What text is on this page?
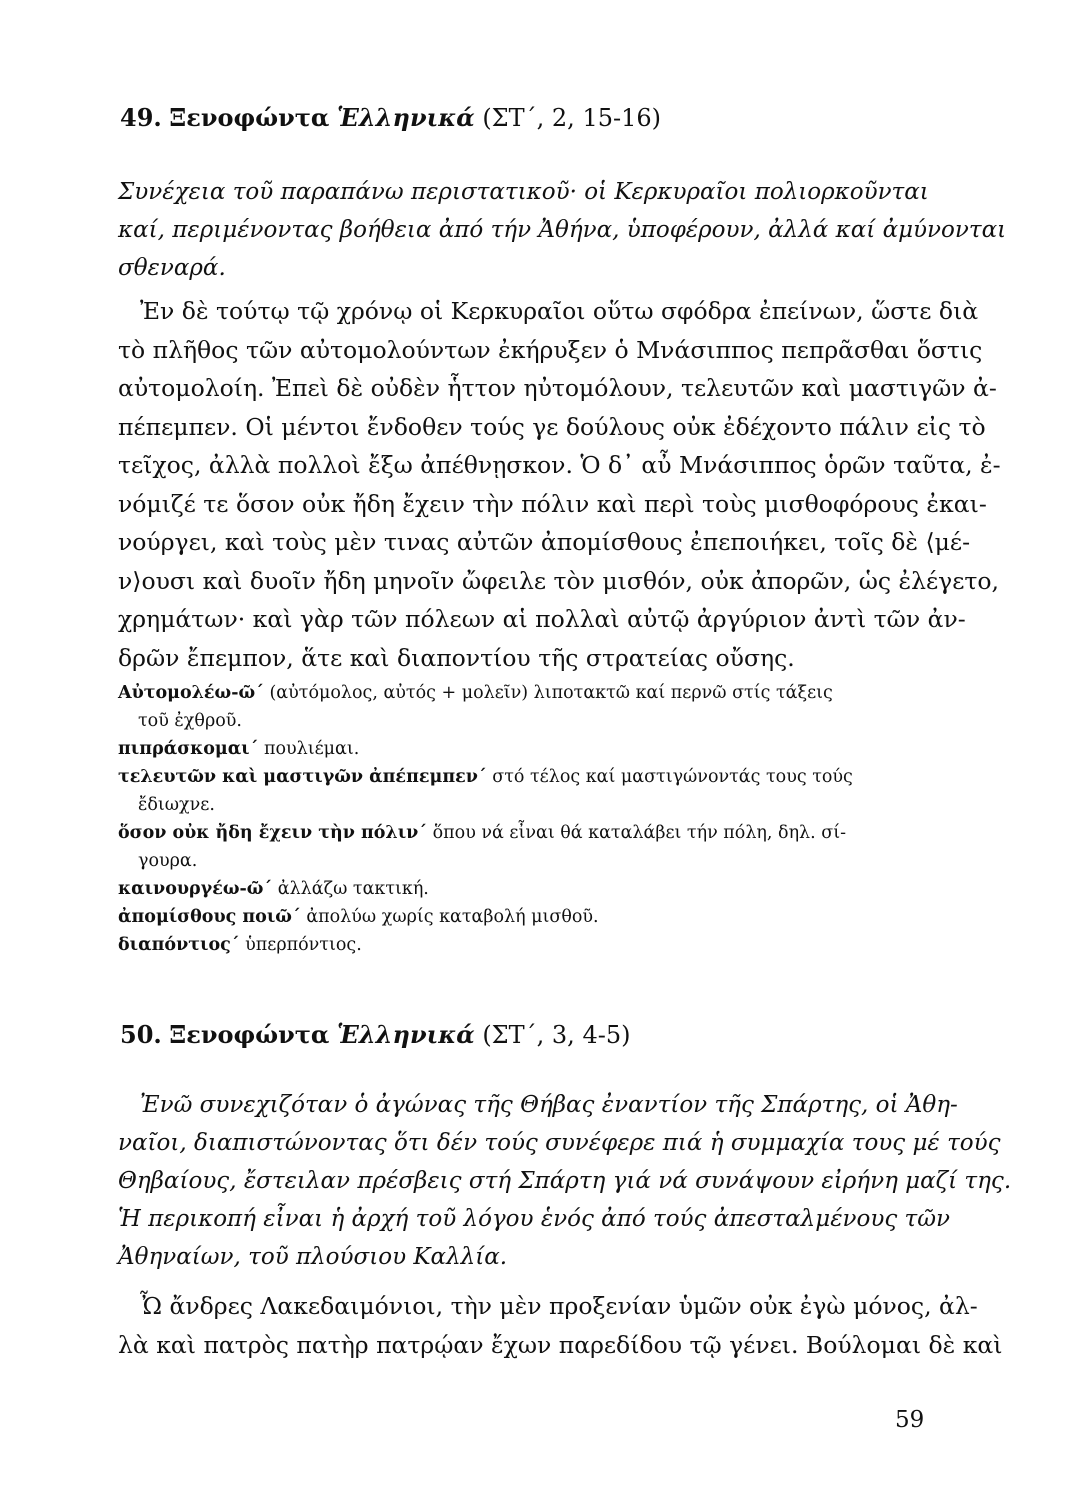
49. Ξενοφώντα Ἑλληνικά (ΣΤ΄, 2, 15-16)

Συνέχεια τοῦ παραπάνω περιστατικοῦ· οἱ Κερκυραῖοι πολιορκοῦνται
καί, περιμένοντας βοήθεια ἀπό τήν Ἀθήνα, ὑποφέρουν, ἀλλά καί ἀμύνονται
σθεναρά.

Ἐν δὲ τούτῳ τῷ χρόνῳ οἱ Κερκυραῖοι οὕτω σφόδρα ἐπείνων, ὥστε διὰ
τὸ πλῆθος τῶν αὐτομολούντων ἐκήρυξεν ὁ Μνάσιππος πεπρᾶσθαι ὅστις
αὐτομολοίη. Ἐπεὶ δὲ οὐδὲν ἧττον ηὐτομόλουν, τελευτῶν καὶ μαστιγῶν ἀ-
πέπεμπεν. Οἱ μέντοι ἔνδοθεν τούς γε δούλους οὐκ ἐδέχοντο πάλιν εἰς τὸ
τεῖχος, ἀλλὰ πολλοὶ ἔξω ἀπέθνῃσκον. Ὁ δ᾽ αὖ Μνάσιππος ὁρῶν ταῦτα, ἐ-
νόμιζέ τε ὅσον οὐκ ἤδη ἔχειν τὴν πόλιν καὶ περὶ τοὺς μισθοφόρους ἐκαι-
νούργει, καὶ τοὺς μὲν τινας αὐτῶν ἀπομίσθους ἐπεποιήκει, τοῖς δὲ ⟨μέ-
ν⟩ουσι καὶ δυοῖν ἤδη μηνοῖν ὤφειλε τὸν μισθόν, οὐκ ἀπορῶν, ὡς ἐλέγετο,
χρημάτων· καὶ γὰρ τῶν πόλεων αἱ πολλαὶ αὐτῷ ἀργύριον ἀντὶ τῶν ἀν-
δρῶν ἔπεμπον, ἅτε καὶ διαποντίου τῆς στρατείας οὔσης.

Αὐτομολέω-ῶ΄ (αὐτόμολος, αὐτός + μολεῖν) λιποτακτῶ καί περνῶ στίς τάξεις
τοῦ ἐχθροῦ.
πιπράσκομαι΄ πουλιέμαι.
τελευτῶν καὶ μαστιγῶν ἀπέπεμπεν΄ στό τέλος καί μαστιγώνοντάς τους τούς
ἔδιωχνε.
ὅσον οὐκ ἤδη ἔχειν τὴν πόλιν΄ ὅπου νά εἶναι θά καταλάβει τήν πόλη, δηλ. σί-
γουρα.
καινουργέω-ῶ΄ ἀλλάζω τακτική.
ἀπομίσθους ποιῶ΄ ἀπολύω χωρίς καταβολή μισθοῦ.
διαπόντιος΄ ὑπερπόντιος.
50. Ξενοφώντα Ἑλληνικά (ΣΤ΄, 3, 4-5)

Ἐνῶ συνεχιζόταν ὁ ἀγώνας τῆς Θήβας ἐναντίον τῆς Σπάρτης, οἱ Ἀθη-
ναῖοι, διαπιστώνοντας ὅτι δέν τούς συνέφερε πιά ἡ συμμαχία τους μέ τούς
Θηβαίους, ἔστειλαν πρέσβεις στή Σπάρτη γιά νά συνάψουν εἰρήνη μαζί της.
Ἡ περικοπή εἶναι ἡ ἀρχή τοῦ λόγου ἑνός ἀπό τούς ἀπεσταλμένους τῶν
Ἀθηναίων, τοῦ πλούσιου Καλλία.

Ὦ ἄνδρες Λακεδαιμόνιοι, τὴν μὲν προξενίαν ὑμῶν οὐκ ἐγὼ μόνος, ἀλ-
λὰ καὶ πατρὸς πατὴρ πατρῴαν ἔχων παρεδίδου τῷ γένει. Βούλομαι δὲ καὶ

59
